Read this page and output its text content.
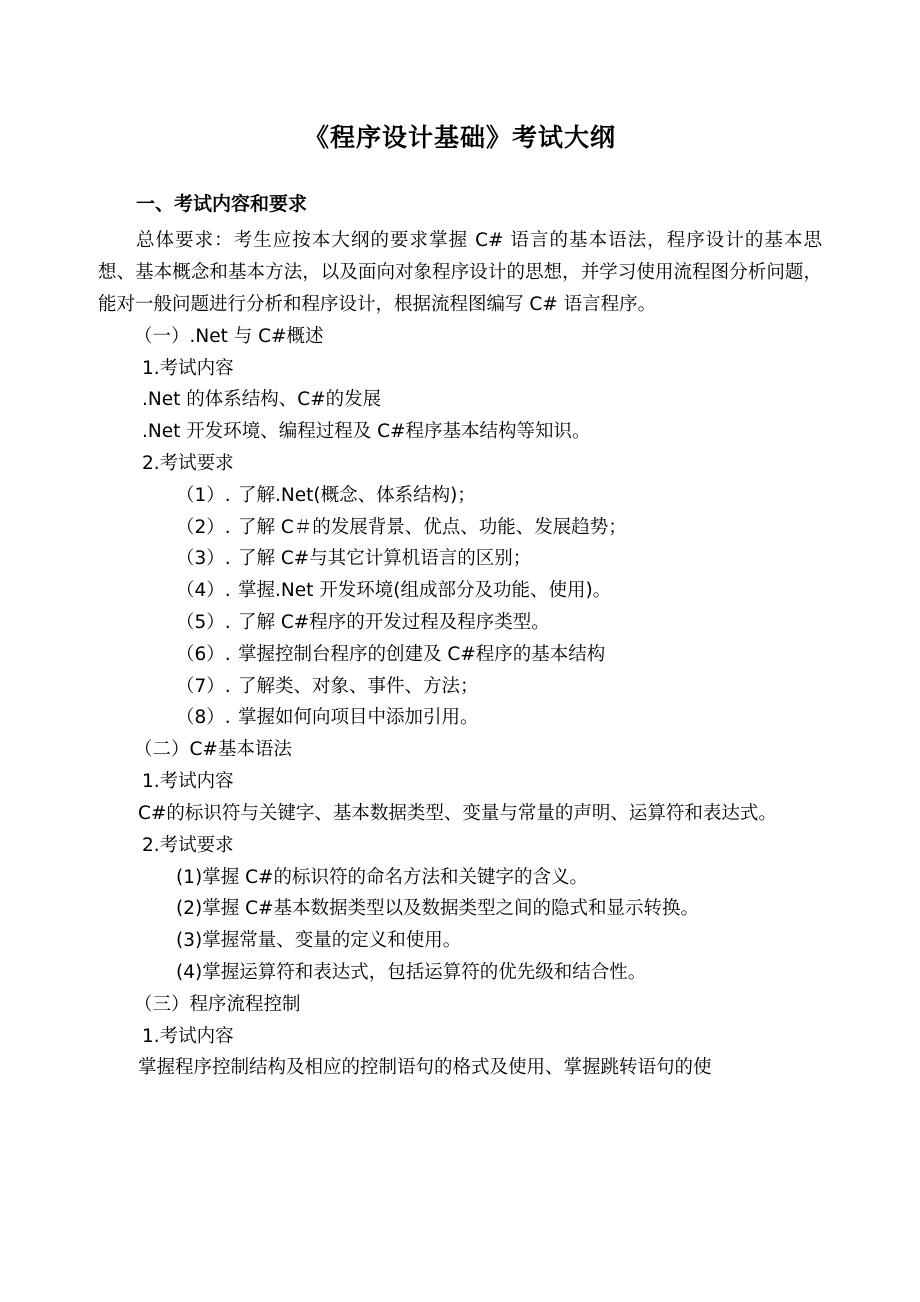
《程序设计基础》考试大纲
一、考试内容和要求

总体要求：考生应按本大纲的要求掌握 C# 语言的基本语法，程序设计的基本思想、基本概念和基本方法，以及面向对象程序设计的思想，并学习使用流程图分析问题，能对一般问题进行分析和程序设计，根据流程图编写 C# 语言程序。

（一）.Net 与 C#概述

1.考试内容

.Net 的体系结构、C#的发展

.Net 开发环境、编程过程及 C#程序基本结构等知识。

2.考试要求

（1）. 了解.Net(概念、体系结构)；
（2）. 了解 C＃的发展背景、优点、功能、发展趋势；
（3）. 了解 C#与其它计算机语言的区别；
（4）. 掌握.Net 开发环境(组成部分及功能、使用)。
（5）. 了解 C#程序的开发过程及程序类型。
（6）. 掌握控制台程序的创建及 C#程序的基本结构
（7）. 了解类、对象、事件、方法；
（8）. 掌握如何向项目中添加引用。

（二）C#基本语法

1.考试内容

C#的标识符与关键字、基本数据类型、变量与常量的声明、运算符和表达式。

2.考试要求

(1)掌握 C#的标识符的命名方法和关键字的含义。

(2)掌握 C#基本数据类型以及数据类型之间的隐式和显示转换。

(3)掌握常量、变量的定义和使用。

(4)掌握运算符和表达式，包括运算符的优先级和结合性。

（三）程序流程控制

1.考试内容

掌握程序控制结构及相应的控制语句的格式及使用、掌握跳转语句的使
